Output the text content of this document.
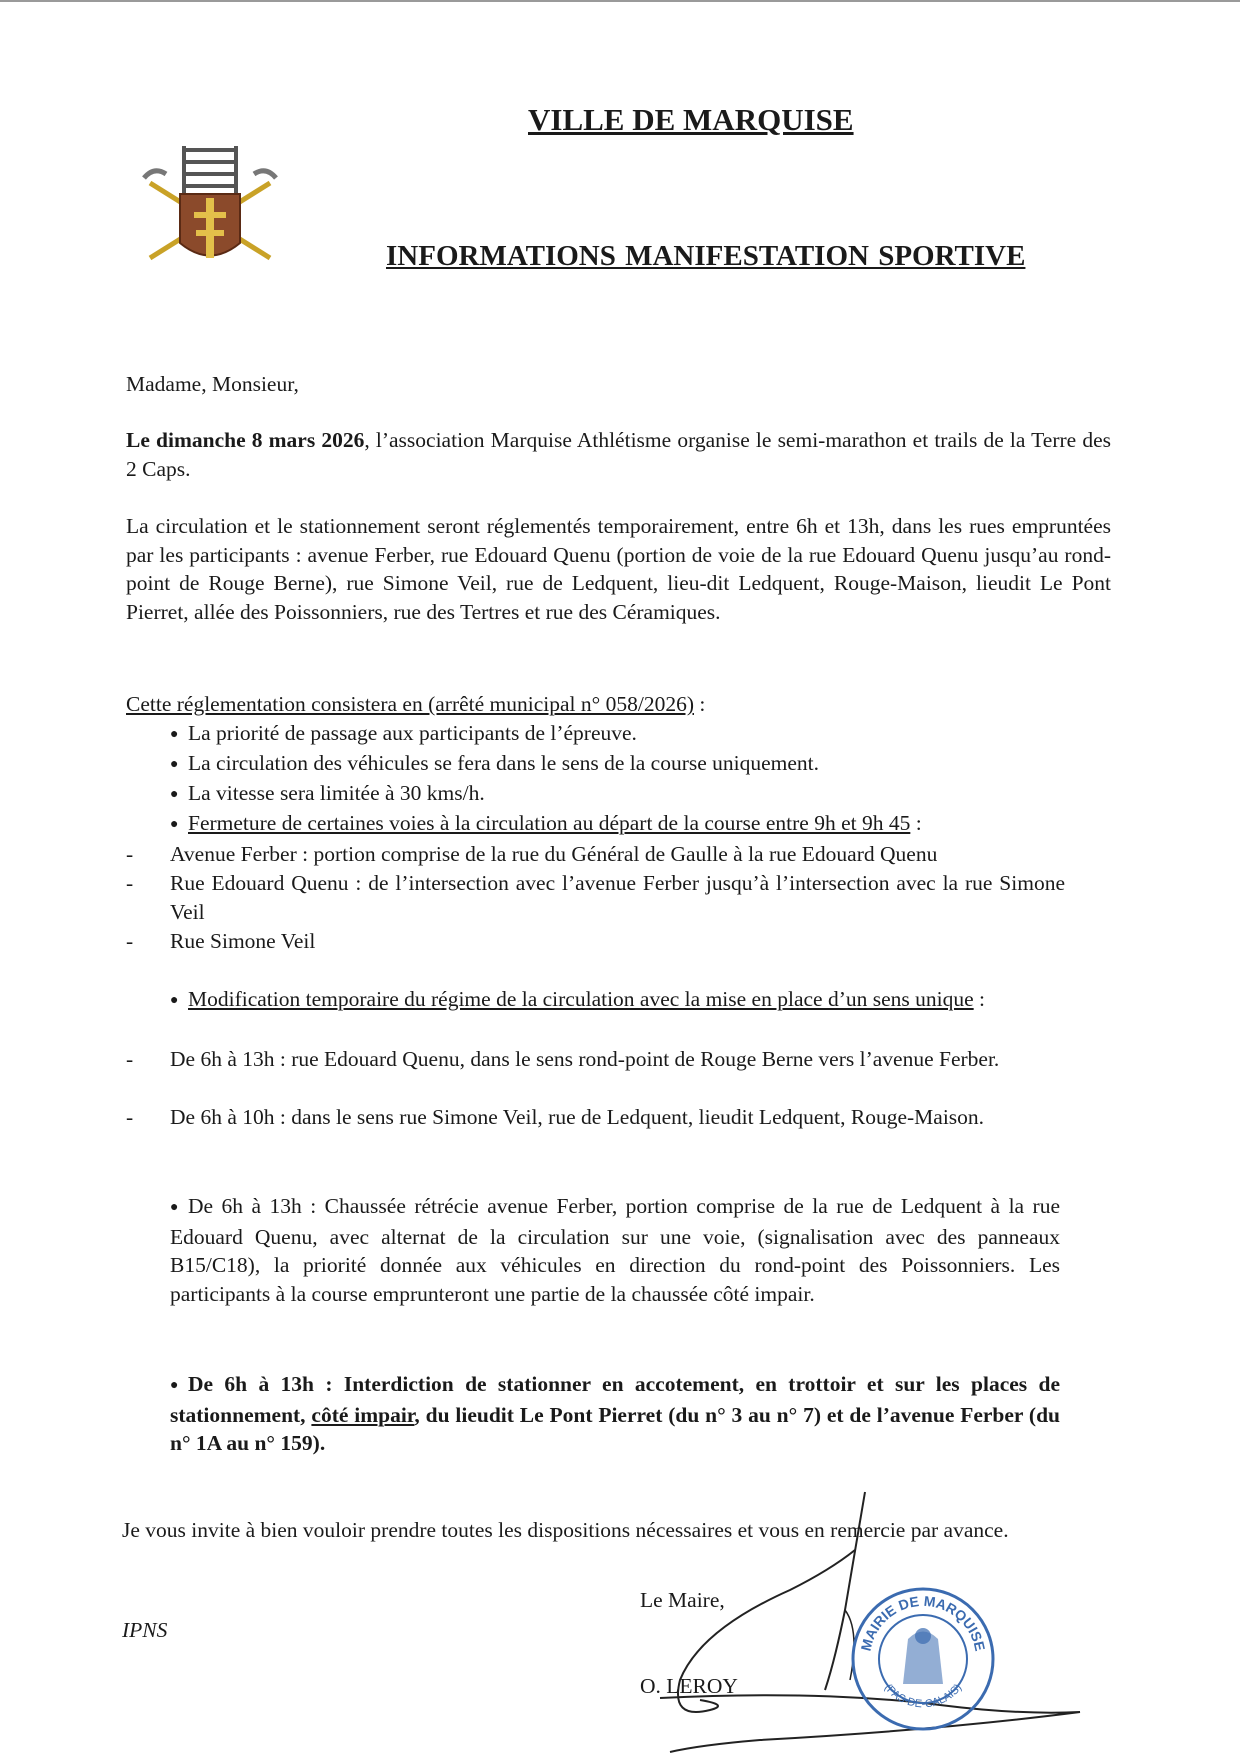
VILLE DE MARQUISE
INFORMATIONS MANIFESTATION SPORTIVE

Madame, Monsieur,

Le dimanche 8 mars 2026, l’association Marquise Athlétisme organise le semi-marathon et trails de la Terre des 2 Caps.

La circulation et le stationnement seront réglementés temporairement, entre 6h et 13h, dans les rues empruntées par les participants : avenue Ferber, rue Edouard Quenu (portion de voie de la rue Edouard Quenu jusqu’au rond-point de Rouge Berne), rue Simone Veil, rue de Ledquent, lieu-dit Ledquent, Rouge-Maison, lieudit Le Pont Pierret, allée des Poissonniers, rue des Tertres et rue des Céramiques.

Cette réglementation consistera en (arrêté municipal n° 058/2026) :

● La priorité de passage aux participants de l’épreuve.
● La circulation des véhicules se fera dans le sens de la course uniquement.
● La vitesse sera limitée à 30 kms/h.
● Fermeture de certaines voies à la circulation au départ de la course entre 9h et 9h 45 :
- Avenue Ferber : portion comprise de la rue du Général de Gaulle à la rue Edouard Quenu
- Rue Edouard Quenu : de l’intersection avec l’avenue Ferber jusqu’à l’intersection avec la rue Simone Veil
- Rue Simone Veil
● Modification temporaire du régime de la circulation avec la mise en place d’un sens unique :
- De 6h à 13h : rue Edouard Quenu, dans le sens rond-point de Rouge Berne vers l’avenue Ferber.
- De 6h à 10h : dans le sens rue Simone Veil, rue de Ledquent, lieudit Ledquent, Rouge-Maison.
● De 6h à 13h : Chaussée rétrécie avenue Ferber, portion comprise de la rue de Ledquent à la rue Edouard Quenu, avec alternat de la circulation sur une voie, (signalisation avec des panneaux B15/C18), la priorité donnée aux véhicules en direction du rond-point des Poissonniers. Les participants à la course emprunteront une partie de la chaussée côté impair.
● De 6h à 13h : Interdiction de stationner en accotement, en trottoir et sur les places de stationnement, côté impair, du lieudit Le Pont Pierret (du n° 3 au n° 7) et de l’avenue Ferber (du n° 1A au n° 159).

Je vous invite à bien vouloir prendre toutes les dispositions nécessaires et vous en remercie par avance.

IPNS
Le Maire,
O. LEROY
MAIRIE DE MARQUISE
(PAS-DE-CALAIS)
